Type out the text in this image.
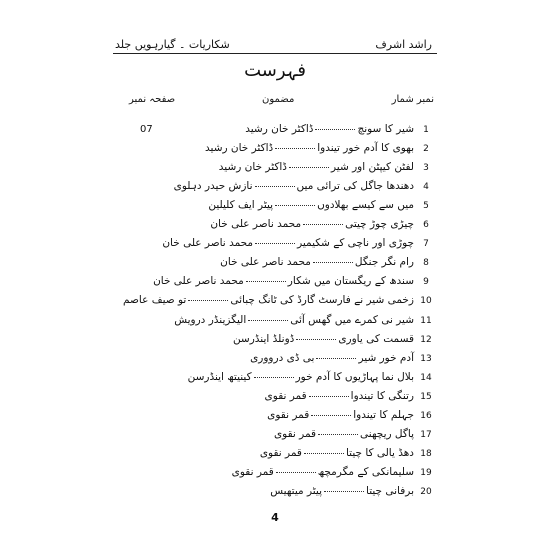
شکاریات ۔ گیارہویں جلد	راشد اشرف
فہرست
نمبر شمار
مضمون
صفحہ نمبر
1
شیر کا سونچڈاکٹر خان رشید
07
2
بھوی کا آدم خور تیندواڈاکٹر خان رشید
3
لفٹن کیپٹن اور شیرڈاکٹر خان رشید
4
دھندھا جاگل کی ترائی میںنازش حیدر دہلوی
5
میں سے کیسے بھلادوںپیٹر ایف کلیلین
6
چیڑی چوڑ چیتیمحمد ناصر علی خان
7
چوڑی اور ناچی کے شکیمیرمحمد ناصر علی خان
8
رام نگر جنگلمحمد ناصر علی خان
9
سندھ کے ریگستان میں شکارمحمد ناصر علی خان
10
زخمی شیر نے فارسٹ گارڈ کی ٹانگ چبائیتو صیف عاصم
11
شیر نی کمرے میں گھس آئیالیگزینڈر درویش
12
قسمت کی یاوریڈونلڈ اینڈرسن
13
آدم خور شیربی ڈی درووری
14
بلال نما پہاڑیوں کا آدم خورکینیتھ اینڈرسن
15
رتنگی کا تیندواقمر نقوی
16
جہلم کا تیندواقمر نقوی
17
پاگل ریچھنیقمر نقوی
18
دھڈ یالی کا چیتاقمر نقوی
19
سلیمانکی کے مگرمچھقمر نقوی
20
برفانی چیتاپیٹر میتھیس
4
